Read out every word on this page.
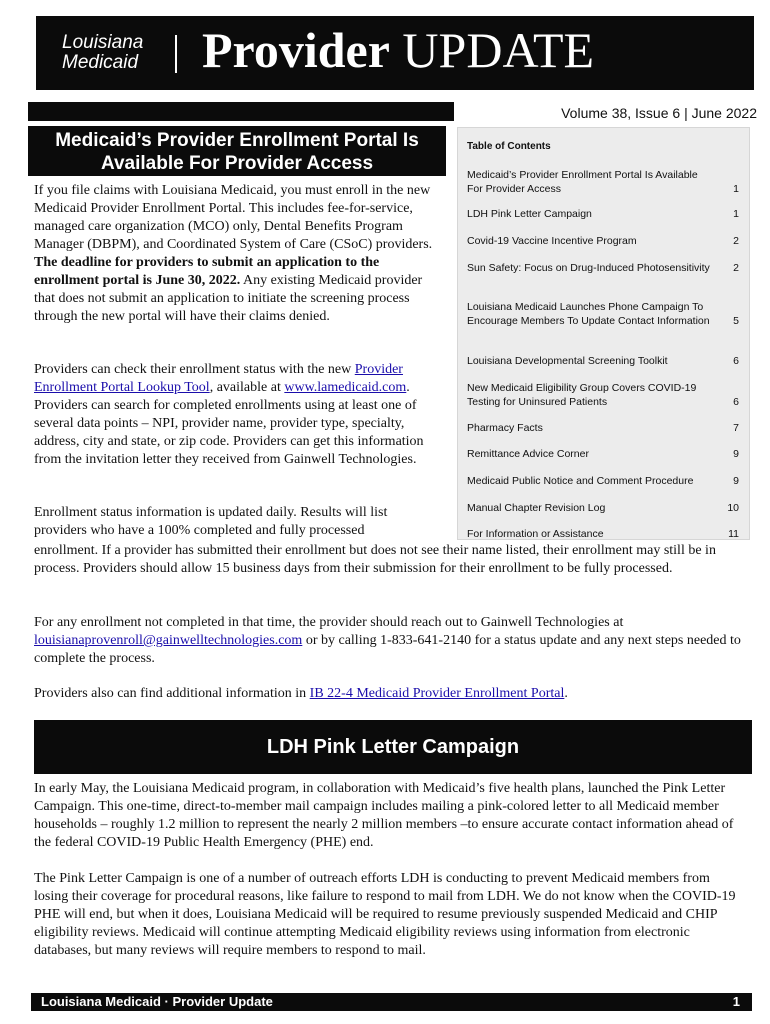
Louisiana
Medicaid Provider UPDATE
Volume 38, Issue 6 | June 2022
Medicaid’s Provider Enrollment Portal Is
Available For Provider Access
Table of Contents
Medicaid’s Provider Enrollment Portal Is Available For Provider Access	1
LDH Pink Letter Campaign	1
Covid-19 Vaccine Incentive Program	2
Sun Safety: Focus on Drug-Induced Photosensitivity	2
Louisiana Medicaid Launches Phone Campaign To Encourage Members To Update Contact Information	5
Louisiana Developmental Screening Toolkit	6
New Medicaid Eligibility Group Covers COVID-19 Testing for Uninsured Patients	6
Pharmacy Facts	7
Remittance Advice Corner	9
Medicaid Public Notice and Comment Procedure	9
Manual Chapter Revision Log	10
For Information or Assistance	11

If you file claims with Louisiana Medicaid, you must enroll in the new Medicaid Provider Enrollment Portal. This includes fee-for-service, managed care organization (MCO) only, Dental Benefits Program Manager (DBPM), and Coordinated System of Care (CSoC) providers. The deadline for providers to submit an application to the enrollment portal is June 30, 2022. Any existing Medicaid provider that does not submit an application to initiate the screening process through the new portal will have their claims denied.

Providers can check their enrollment status with the new Provider Enrollment Portal Lookup Tool, available at www.lamedicaid.com. Providers can search for completed enrollments using at least one of several data points – NPI, provider name, provider type, specialty, address, city and state, or zip code. Providers can get this information from the invitation letter they received from Gainwell Technologies.

Enrollment status information is updated daily. Results will list
providers who have a 100% completed and fully processed

enrollment. If a provider has submitted their enrollment but does not see their name listed, their enrollment may still be in process. Providers should allow 15 business days from their submission for their enrollment to be fully processed.

For any enrollment not completed in that time, the provider should reach out to Gainwell Technologies at louisianaprovenroll@gainwelltechnologies.com or by calling 1-833-641-2140 for a status update and any next steps needed to complete the process.

Providers also can find additional information in IB 22-4 Medicaid Provider Enrollment Portal.

LDH Pink Letter Campaign

In early May, the Louisiana Medicaid program, in collaboration with Medicaid’s five health plans, launched the Pink Letter Campaign. This one-time, direct-to-member mail campaign includes mailing a pink-colored letter to all Medicaid member households – roughly 1.2 million to represent the nearly 2 million members –to ensure accurate contact information ahead of the federal COVID-19 Public Health Emergency (PHE) end.

The Pink Letter Campaign is one of a number of outreach efforts LDH is conducting to prevent Medicaid members from losing their coverage for procedural reasons, like failure to respond to mail from LDH. We do not know when the COVID-19 PHE will end, but when it does, Louisiana Medicaid will be required to resume previously suspended Medicaid and CHIP eligibility reviews. Medicaid will continue attempting Medicaid eligibility reviews using information from electronic databases, but many reviews will require members to respond to mail.

Louisiana Medicaid · Provider Update	1
